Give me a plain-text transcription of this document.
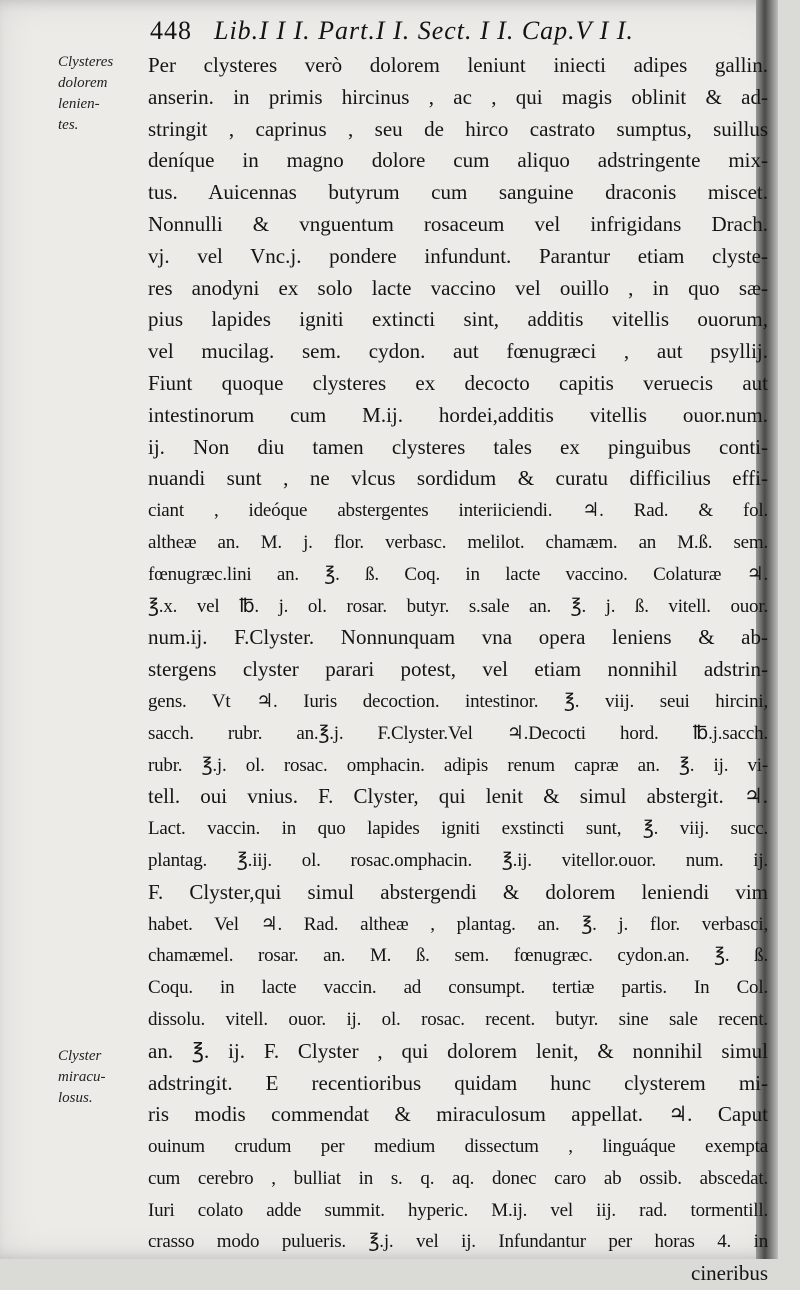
448 Lib.I I I. Part.I I. Sect. I I. Cap.V I I.
Clysteres
dolorem
lenien-
tes.
Clyster
miracu-
losus.
Per clysteres verò dolorem leniunt iniecti adipes gallin.
anserin. in primis hircinus , ac , qui magis oblinit & ad-
stringit , caprinus , seu de hirco castrato sumptus, suillus
deníque in magno dolore cum aliquo adstringente mix-
tus. Auicennas butyrum cum sanguine draconis miscet.
Nonnulli & vnguentum rosaceum vel infrigidans Drach.
vj. vel Vnc.j. pondere infundunt. Parantur etiam clyste-
res anodyni ex solo lacte vaccino vel ouillo , in quo sæ-
pius lapides igniti extincti sint, additis vitellis ouorum,
vel mucilag. sem. cydon. aut fœnugræci , aut psyllij.
Fiunt quoque clysteres ex decocto capitis veruecis aut
intestinorum cum M.ij. hordei,additis vitellis ouor.num.
ij. Non diu tamen clysteres tales ex pinguibus conti-
nuandi sunt , ne vlcus sordidum & curatu difficilius effi-
ciant , ideóque abstergentes interiiciendi. ♃. Rad. & fol.
altheæ an. M. j. flor. verbasc. melilot. chamæm. an M.ß. sem.
fœnugræc.lini an. ℥. ß. Coq. in lacte vaccino. Colaturæ ♃.
℥.x. vel ℔. j. ol. rosar. butyr. s.sale an. ℥. j. ß. vitell. ouor.
num.ij. F.Clyster. Nonnunquam vna opera leniens & ab-
stergens clyster parari potest, vel etiam nonnihil adstrin-
gens. Vt ♃. Iuris decoction. intestinor. ℥. viij. seui hircini,
sacch. rubr. an.℥.j. F.Clyster.Vel ♃.Decocti hord. ℔.j.sacch.
rubr. ℥.j. ol. rosac. omphacin. adipis renum capræ an. ℥. ij. vi-
tell. oui vnius. F. Clyster, qui lenit & simul abstergit. ♃.
Lact. vaccin. in quo lapides igniti exstincti sunt, ℥. viij. succ.
plantag. ℥.iij. ol. rosac.omphacin. ℥.ij. vitellor.ouor. num. ij.
F. Clyster,qui simul abstergendi & dolorem leniendi vim
habet. Vel ♃. Rad. altheæ , plantag. an. ℥. j. flor. verbasci,
chamæmel. rosar. an. M. ß. sem. fœnugræc. cydon.an. ℥. ß.
Coqu. in lacte vaccin. ad consumpt. tertiæ partis. In Col.
dissolu. vitell. ouor. ij. ol. rosac. recent. butyr. sine sale recent.
an. ℥. ij. F. Clyster , qui dolorem lenit, & nonnihil simul
adstringit. E recentioribus quidam hunc clysterem mi-
ris modis commendat & miraculosum appellat. ♃. Caput
ouinum crudum per medium dissectum , linguáque exempta
cum cerebro , bulliat in s. q. aq. donec caro ab ossib. abscedat.
Iuri colato adde summit. hyperic. M.ij. vel iij. rad. tormentill.
crasso modo pulueris. ℥.j. vel ij. Infundantur per horas 4. in
cineribus
